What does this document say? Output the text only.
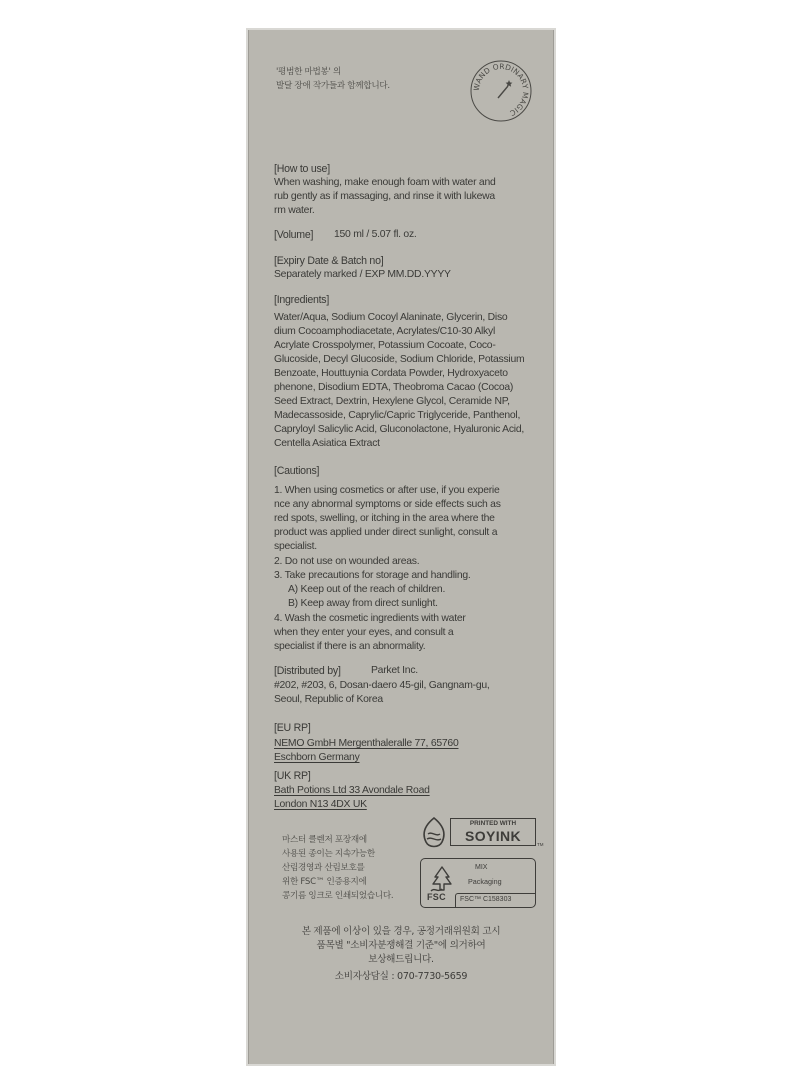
'평범한 마법봉' 의
발달 장애 작가들과 함께합니다.	WAND ORDINARY MAGIC
[How to use]
When washing, make enough foam with water and
rub gently as if massaging, and rinse it with lukewa
rm water.
[Volume] 150 ml / 5.07 fl. oz.
[Expiry Date & Batch no]
Separately marked / EXP MM.DD.YYYY
[Ingredients]
Water/Aqua, Sodium Cocoyl Alaninate, Glycerin, Diso
dium Cocoamphodiacetate, Acrylates/C10-30 Alkyl
Acrylate Crosspolymer, Potassium Cocoate, Coco-
Glucoside, Decyl Glucoside, Sodium Chloride, Potassium
Benzoate, Houttuynia Cordata Powder, Hydroxyaceto
phenone, Disodium EDTA, Theobroma Cacao (Cocoa)
Seed Extract, Dextrin, Hexylene Glycol, Ceramide NP,
Madecassoside, Caprylic/Capric Triglyceride, Panthenol,
Capryloyl Salicylic Acid, Gluconolactone, Hyaluronic Acid,
Centella Asiatica Extract
[Cautions]
1. When using cosmetics or after use, if you experie
nce any abnormal symptoms or side effects such as
red spots, swelling, or itching in the area where the
product was applied under direct sunlight, consult a
specialist.
2. Do not use on wounded areas.
3. Take precautions for storage and handling.
A) Keep out of the reach of children.
B) Keep away from direct sunlight.
4. Wash the cosmetic ingredients with water
when they enter your eyes, and consult a
specialist if there is an abnormality.
[Distributed by]	Parket Inc.
#202, #203, 6, Dosan-daero 45-gil, Gangnam-gu,
Seoul, Republic of Korea
[EU RP]
NEMO GmbH Mergenthaleralle 77, 65760
Eschborn Germany
[UK RP]
Bath Potions Ltd 33 Avondale Road
London N13 4DX UK
마스터 클렌저 포장재에
사용된 종이는 지속가능한
산림경영과 산림보호를
위한 FSC™ 인증용지에
콩기름 잉크로 인쇄되었습니다.
PRINTED WITH
SOYINK
TM
FSC
MIX
Packaging
FSC™ C158303
본 제품에 이상이 있을 경우, 공정거래위원회 고시
품목별 "소비자분쟁해결 기준"에 의거하여
보상해드립니다.
소비자상담실 : 070-7730-5659
